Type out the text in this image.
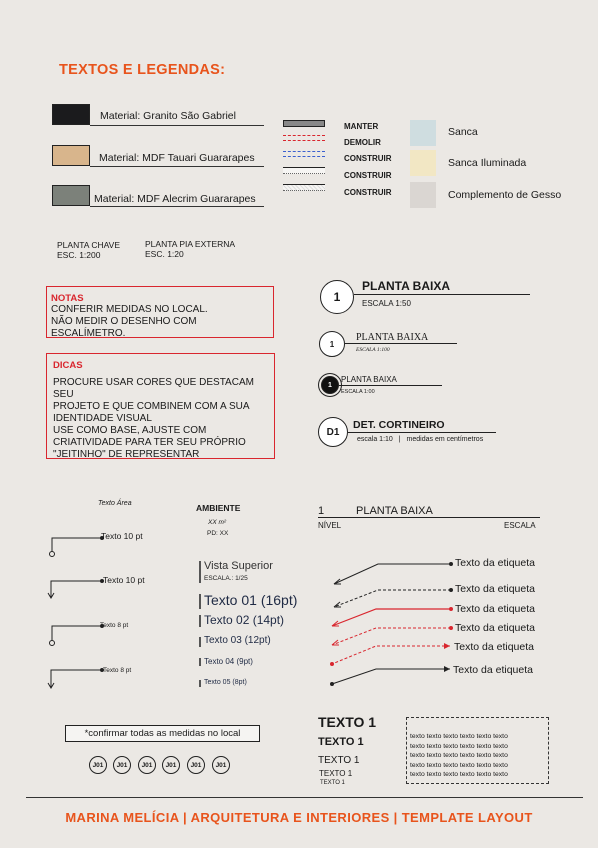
TEXTOS E LEGENDAS:
Material: Granito São Gabriel
Material: MDF Tauari Guararapes
Material: MDF Alecrim Guararapes
MANTER
DEMOLIR
CONSTRUIR
CONSTRUIR
CONSTRUIR
Sanca
Sanca Iluminada
Complemento de Gesso
PLANTA CHAVE
ESC. 1:200
PLANTA PIA EXTERNA
ESC. 1:20
NOTAS
CONFERIR MEDIDAS NO LOCAL.
NÃO MEDIR O DESENHO COM ESCALÍMETRO.
DICAS
PROCURE USAR CORES QUE DESTACAM SEU
PROJETO E QUE COMBINEM COM A SUA
IDENTIDADE VISUAL
USE COMO BASE, AJUSTE COM
CRIATIVIDADE PARA TER SEU PRÓPRIO
"JEITINHO" DE REPRESENTAR
1
PLANTA BAIXA
ESCALA 1:50
1
PLANTA BAIXA
ESCALA 1:100
1
PLANTA BAIXA
ESCALA 1:00
D1
DET. CORTINEIRO
escala 1:10 | medidas em centímetros
1	PLANTA BAIXA
NÍVEL	ESCALA
Texto Área	AMBIENTE
XX m²
PD: XX
Texto 10 pt
Texto 10 pt
Texto 8 pt
Texto 8 pt
Vista Superior
ESCALA.: 1/25
Texto 01 (16pt)
Texto 02 (14pt)
Texto 03 (12pt)
Texto 04 (9pt)
Texto 05 (8pt)
Texto da etiqueta
Texto da etiqueta
Texto da etiqueta
Texto da etiqueta
Texto da etiqueta
Texto da etiqueta
*confirmar todas as medidas no local
J01	J01	J01	J01	J01	J01
TEXTO 1
TEXTO 1
TEXTO 1
TEXTO 1
TEXTO 1
texto texto texto texto texto texto
texto texto texto texto texto texto
texto texto texto texto texto texto
texto texto texto texto texto texto
texto texto texto texto texto texto
MARINA MELÍCIA | ARQUITETURA E INTERIORES | TEMPLATE LAYOUT
